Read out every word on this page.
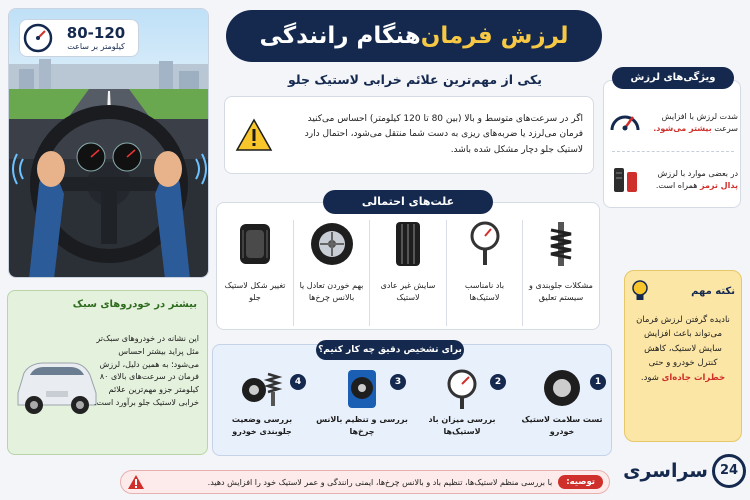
لرزش فرمان
هنگام رانندگی
یکی از مهم‌ترین علائم خرابی لاستیک جلو
80-120
کیلومتر بر ساعت
اگر در سرعت‌های متوسط و بالا (بین 80 تا 120 کیلومتر) احساس می‌کنید فرمان می‌لرزد یا ضربه‌های ریزی به دست شما منتقل می‌شود، احتمال دارد لاستیک جلو دچار مشکل شده باشد.
ویژگی‌های لرزش
شدت لرزش با افزایش سرعت بیشتر می‌شود.
در بعضی موارد با لرزش پدال ترمز همراه است.
علت‌های احتمالی
تغییر شکل لاستیک جلو
بهم خوردن تعادل یا بالانس چرخ‌ها
سایش غیر عادی لاستیک
باد نامناسب لاستیک‌ها
مشکلات جلوبندی و سیستم تعلیق
بیشتر در خودروهای سبک
این نشانه در خودروهای سبک‌تر مثل پراید بیشتر احساس می‌شود؛ به همین دلیل، لرزش فرمان در سرعت‌های بالای ۸۰ کیلومتر جزو مهم‌ترین علائم خرابی لاستیک جلو برآورد است.
نکته مهم
نادیده گرفتن لرزش فرمان می‌تواند باعث افزایش سایش لاستیک، کاهش کنترل خودرو و حتی خطرات جاده‌ای شود.
برای تشخیص دقیق چه کار کنیم؟
1
تست سلامت لاستیک خودرو
2
بررسی میزان باد لاستیک‌ها
3
بررسی و تنظیم بالانس چرخ‌ها
4
بررسی وضعیت جلوبندی خودرو
توصیه:
با بررسی منظم لاستیک‌ها، تنظیم باد و بالانس چرخ‌ها، ایمنی رانندگی و عمر لاستیک خود را افزایش دهید.
24
سراسری
